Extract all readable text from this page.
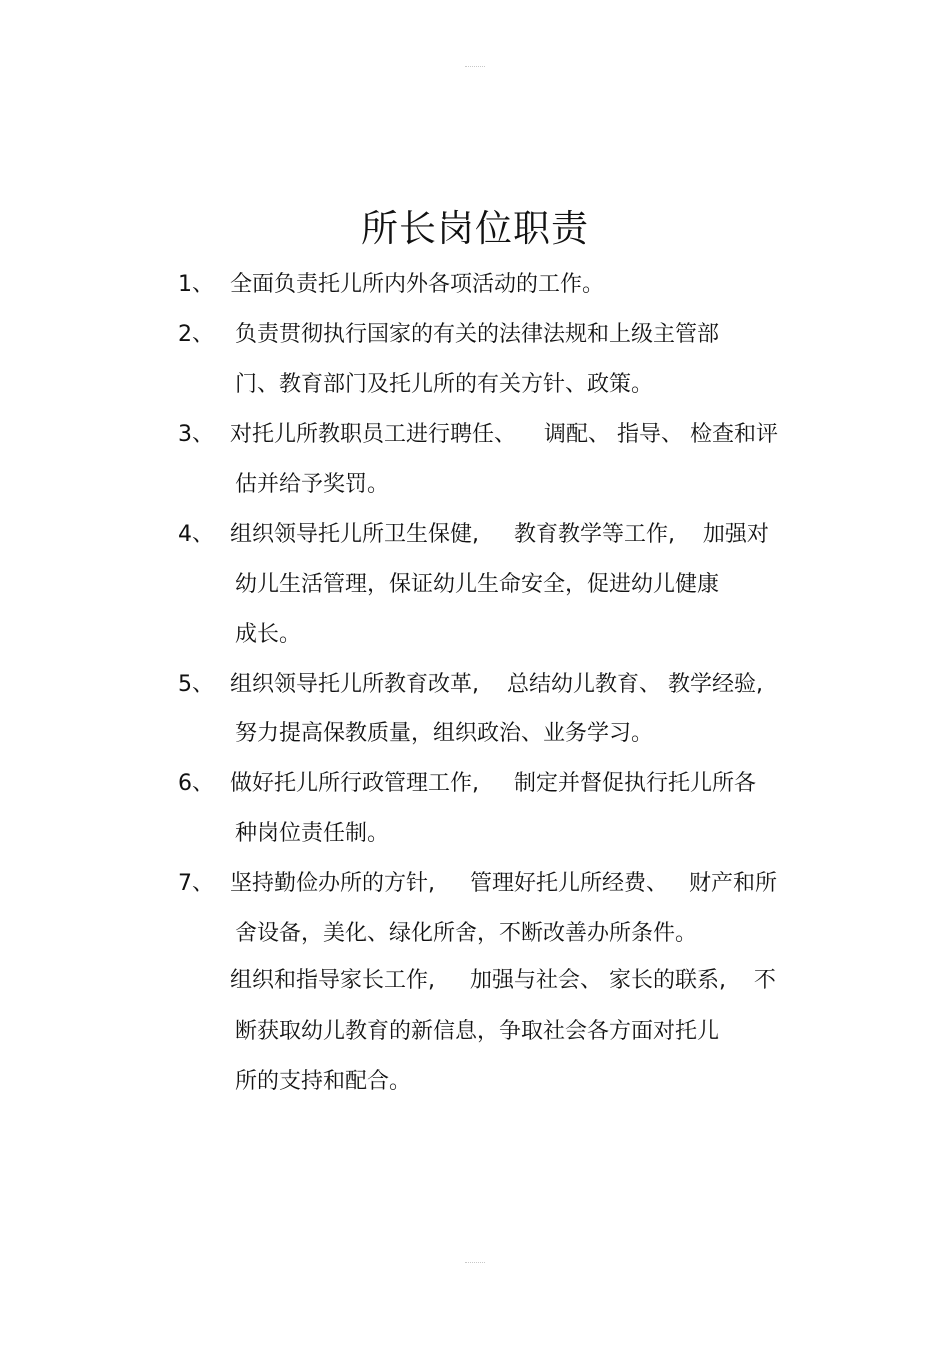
所长岗位职责
1、 全面负责托儿所内外各项活动的工作。
2、 负责贯彻执行国家的有关的法律法规和上级主管部
门、教育部门及托儿所的有关方针、政策。
3、 对托儿所教职员工进行聘任、    调配、 指导、 检查和评
估并给予奖罚。
4、 组织领导托儿所卫生保健,     教育教学等工作,    加强对
幼儿生活管理，保证幼儿生命安全，促进幼儿健康
成长。
5、 组织领导托儿所教育改革,    总结幼儿教育、 教学经验,
努力提高保教质量，组织政治、业务学习。
6、 做好托儿所行政管理工作,     制定并督促执行托儿所各
种岗位责任制。
7、 坚持勤俭办所的方针,     管理好托儿所经费、   财产和所
舍设备，美化、绿化所舍，不断改善办所条件。
组织和指导家长工作,     加强与社会、 家长的联系,    不
断获取幼儿教育的新信息，争取社会各方面对托儿
所的支持和配合。
